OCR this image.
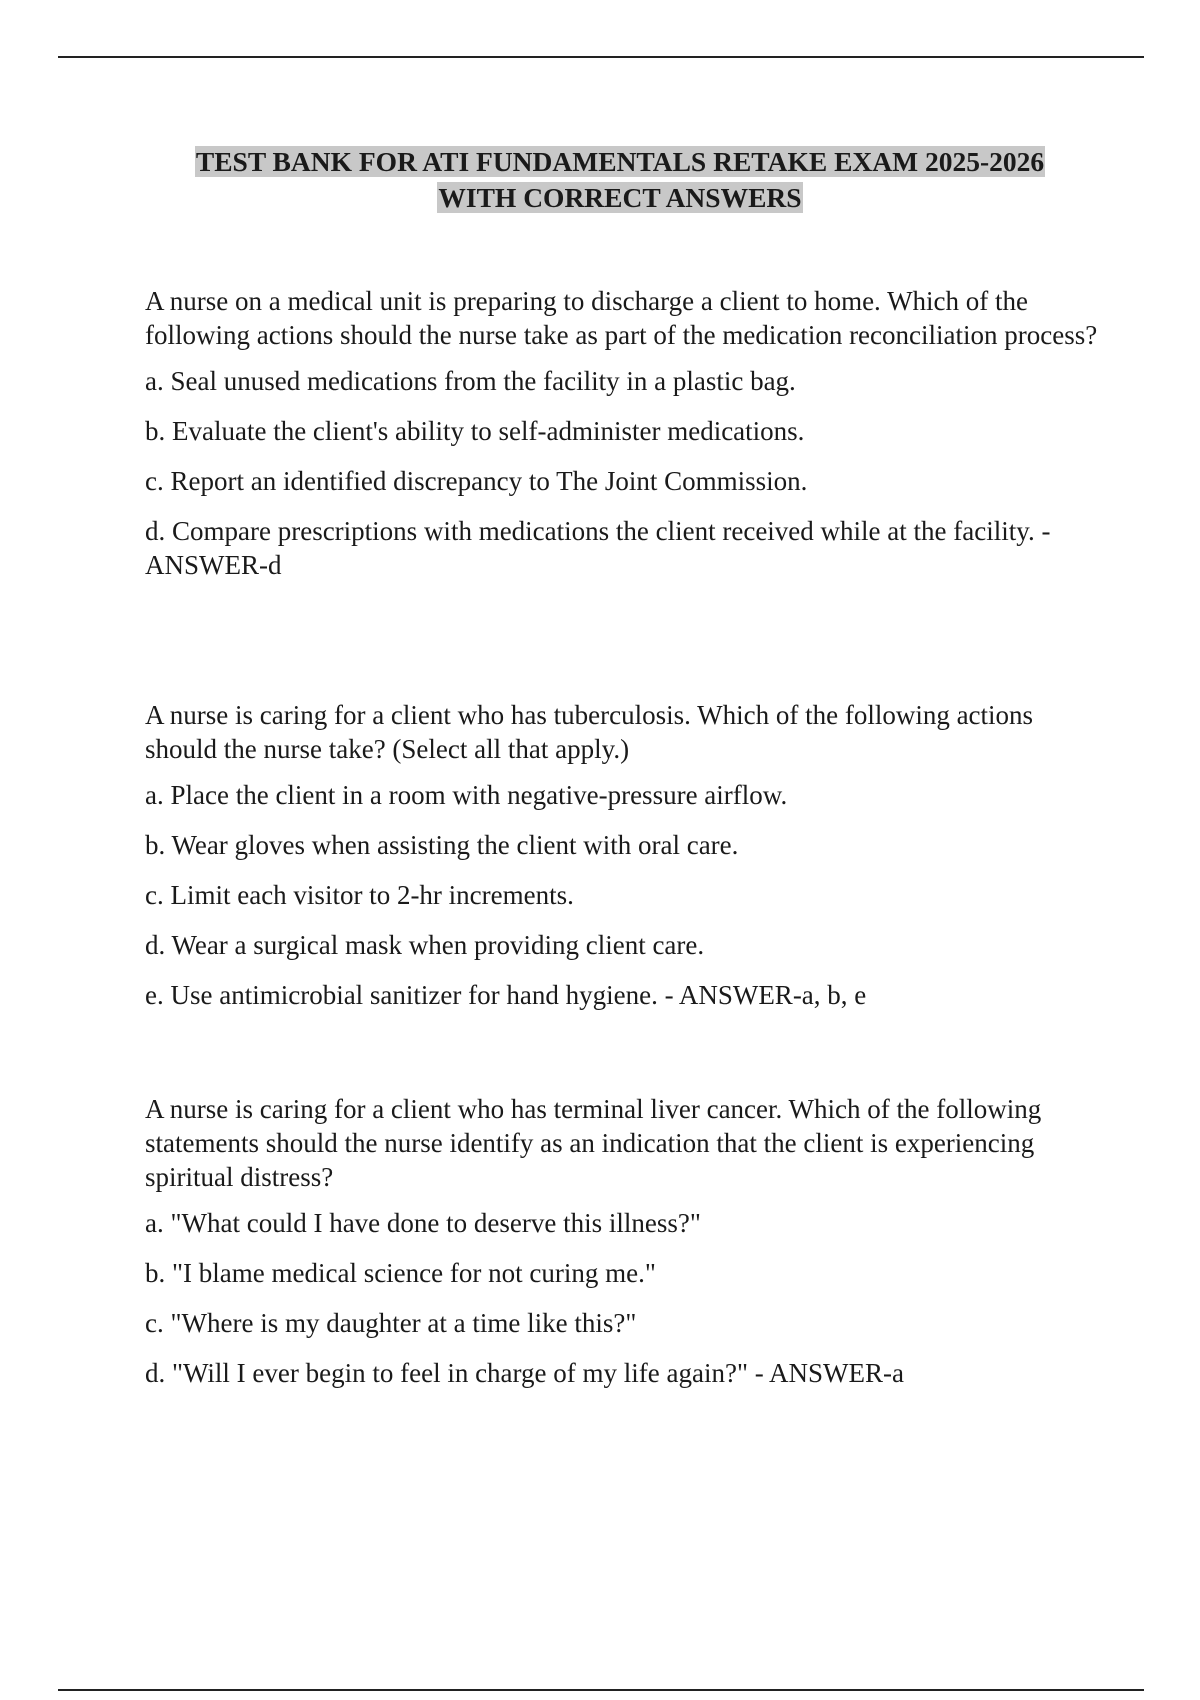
TEST BANK FOR ATI FUNDAMENTALS RETAKE EXAM 2025-2026
WITH CORRECT ANSWERS
A nurse on a medical unit is preparing to discharge a client to home. Which of the following actions should the nurse take as part of the medication reconciliation process?
a. Seal unused medications from the facility in a plastic bag.
b. Evaluate the client's ability to self-administer medications.
c. Report an identified discrepancy to The Joint Commission.
d. Compare prescriptions with medications the client received while at the facility. - ANSWER-d
A nurse is caring for a client who has tuberculosis. Which of the following actions should the nurse take? (Select all that apply.)
a. Place the client in a room with negative-pressure airflow.
b. Wear gloves when assisting the client with oral care.
c. Limit each visitor to 2-hr increments.
d. Wear a surgical mask when providing client care.
e. Use antimicrobial sanitizer for hand hygiene. - ANSWER-a, b, e
A nurse is caring for a client who has terminal liver cancer. Which of the following statements should the nurse identify as an indication that the client is experiencing spiritual distress?
a. "What could I have done to deserve this illness?"
b. "I blame medical science for not curing me."
c. "Where is my daughter at a time like this?"
d. "Will I ever begin to feel in charge of my life again?" - ANSWER-a
